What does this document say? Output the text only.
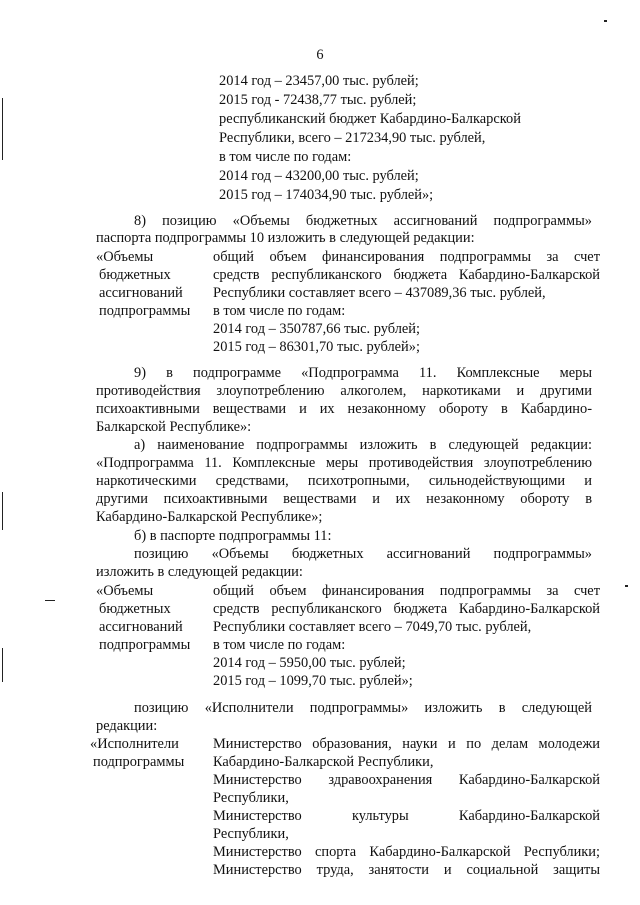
6
2014 год – 23457,00 тыс. рублей;
2015 год - 72438,77 тыс. рублей;
республиканский бюджет Кабардино-Балкарской
Республики, всего – 217234,90 тыс. рублей,
в том числе по годам:
2014 год – 43200,00 тыс. рублей;
2015 год – 174034,90 тыс. рублей»;
8) позицию «Объемы бюджетных ассигнований подпрограммы»
паспорта подпрограммы 10 изложить в следующей редакции:
«Объемы
бюджетных
ассигнований
подпрограммы
общий объем финансирования подпрограммы за счет
средств республиканского бюджета Кабардино-Балкарской
Республики составляет всего – 437089,36 тыс. рублей,
в том числе по годам:
2014 год – 350787,66 тыс. рублей;
2015 год – 86301,70 тыс. рублей»;
9) в подпрограмме «Подпрограмма 11. Комплексные меры
противодействия злоупотреблению алкоголем, наркотиками и другими
психоактивными веществами и их незаконному обороту в Кабардино-
Балкарской Республике»:
а) наименование подпрограммы изложить в следующей редакции:
«Подпрограмма 11. Комплексные меры противодействия злоупотреблению
наркотическими средствами, психотропными, сильнодействующими и
другими психоактивными веществами и их незаконному обороту в
Кабардино-Балкарской Республике»;
б) в паспорте подпрограммы 11:
позицию «Объемы бюджетных ассигнований подпрограммы»
изложить в следующей редакции:
«Объемы
бюджетных
ассигнований
подпрограммы
общий объем финансирования подпрограммы за счет
средств республиканского бюджета Кабардино-Балкарской
Республики составляет всего – 7049,70 тыс. рублей,
в том числе по годам:
2014 год – 5950,00 тыс. рублей;
2015 год – 1099,70 тыс. рублей»;
позицию «Исполнители подпрограммы» изложить в следующей
редакции:
«Исполнители
подпрограммы
Министерство образования, науки и по делам молодежи
Кабардино-Балкарской Республики,
Министерство здравоохранения Кабардино-Балкарской
Республики,
Министерство культуры Кабардино-Балкарской
Республики,
Министерство спорта Кабардино-Балкарской Республики;
Министерство труда, занятости и социальной защиты
